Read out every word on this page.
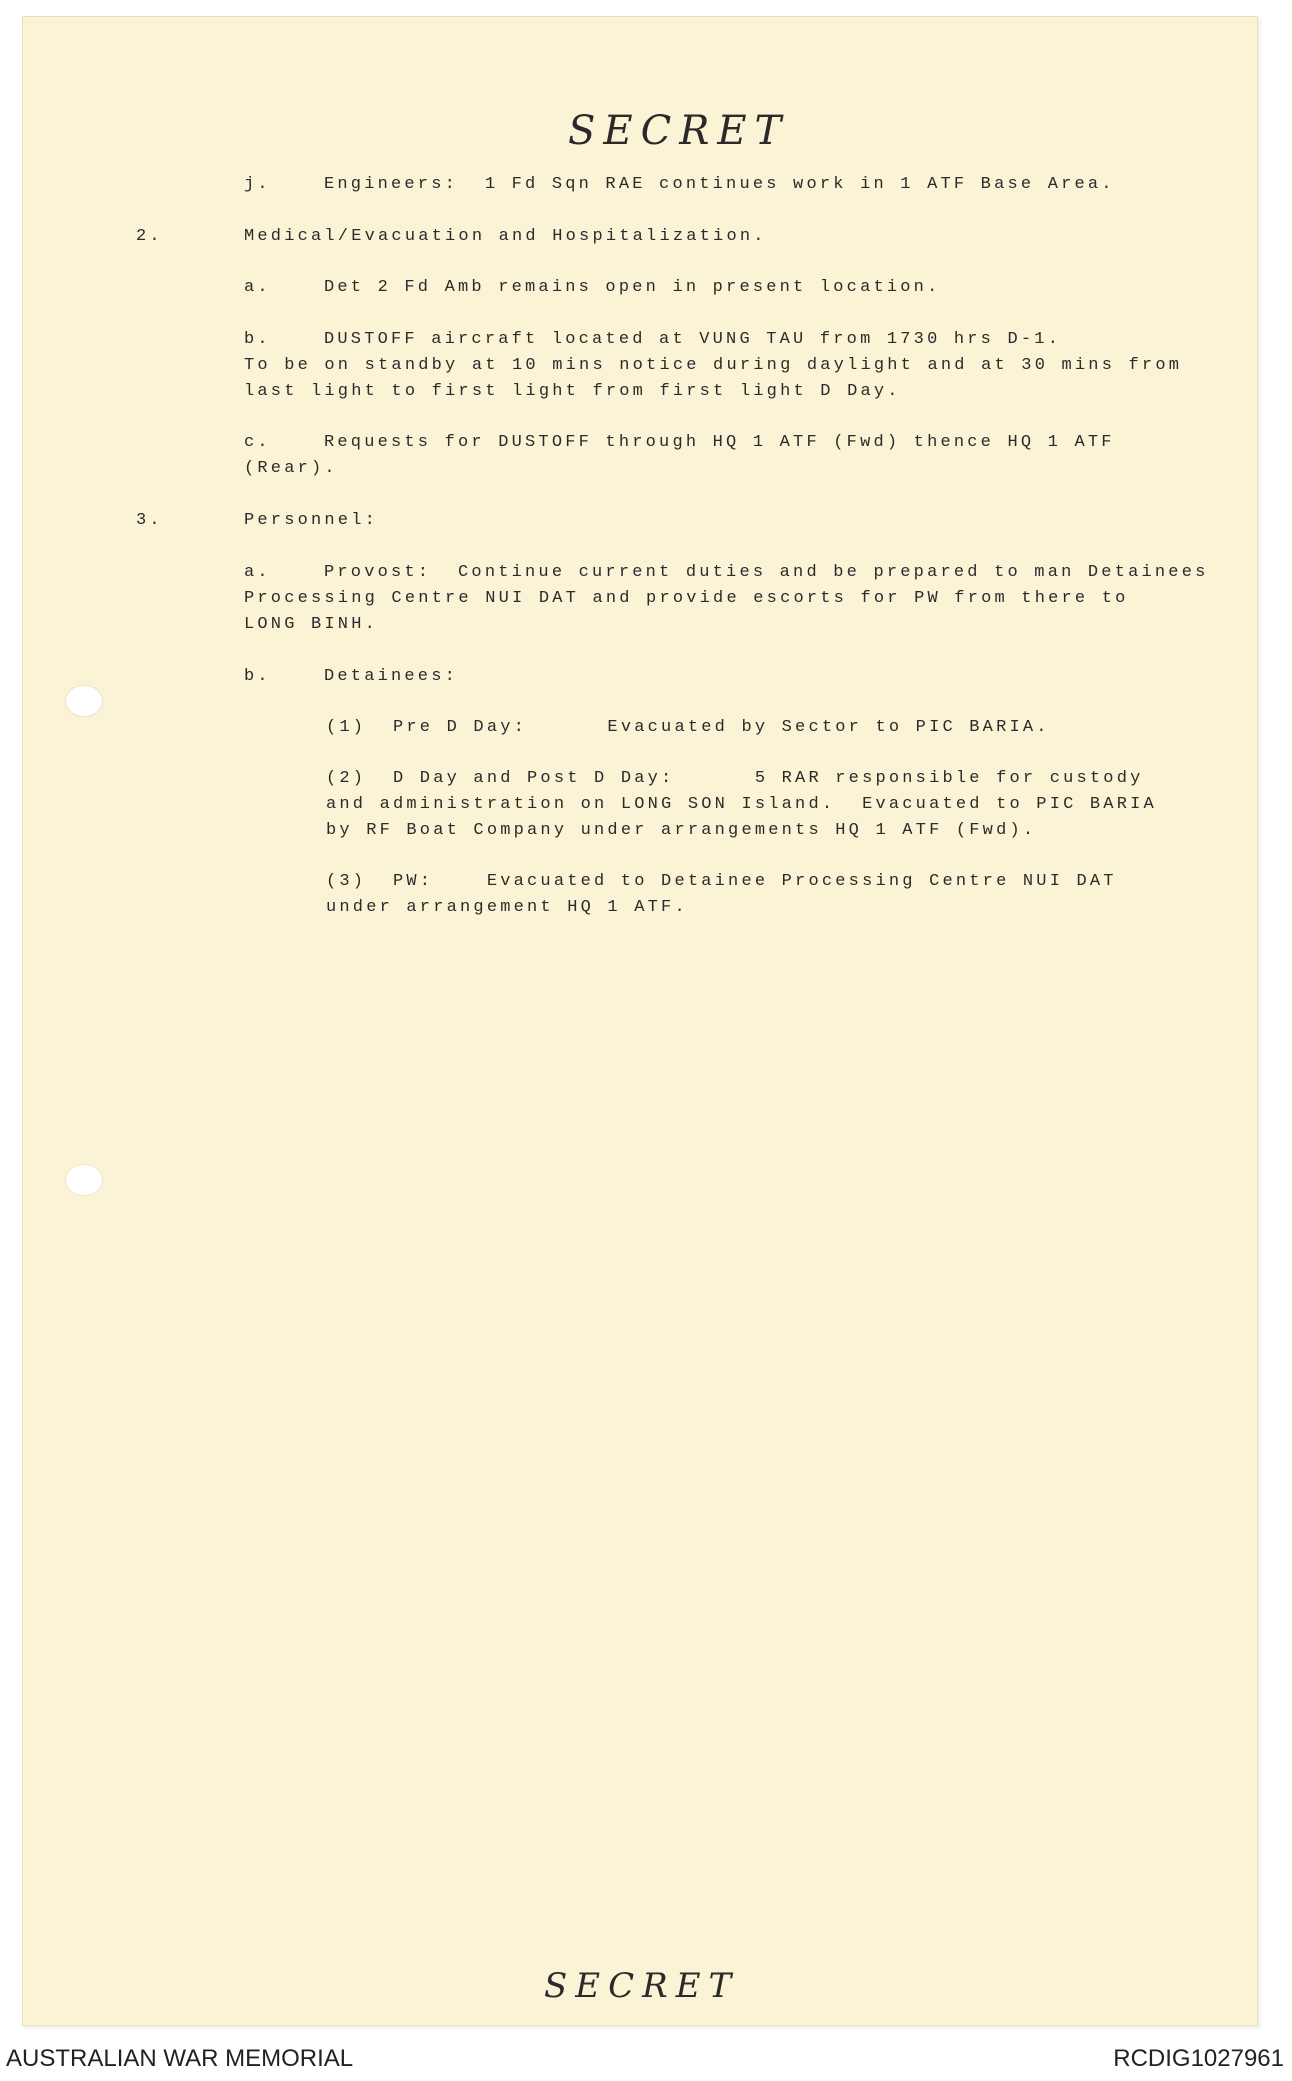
SECRET
j.	Engineers:  1 Fd Sqn RAE continues work in 1 ATF Base Area.
2.	Medical/Evacuation and Hospitalization.
a.	Det 2 Fd Amb remains open in present location.
b.	DUSTOFF aircraft located at VUNG TAU from 1730 hrs D-1.
To be on standby at 10 mins notice during daylight and at 30 mins from
last light to first light from first light D Day.
c.	Requests for DUSTOFF through HQ 1 ATF (Fwd) thence HQ 1 ATF
(Rear).
3.	Personnel:
a.	Provost:  Continue current duties and be prepared to man Detainees
Processing Centre NUI DAT and provide escorts for PW from there to
LONG BINH.
b.	Detainees:
(1)  Pre D Day:      Evacuated by Sector to PIC BARIA.
(2)  D Day and Post D Day:      5 RAR responsible for custody
and administration on LONG SON Island.  Evacuated to PIC BARIA
by RF Boat Company under arrangements HQ 1 ATF (Fwd).
(3)  PW:    Evacuated to Detainee Processing Centre NUI DAT
under arrangement HQ 1 ATF.
SECRET
AUSTRALIAN WAR MEMORIAL	RCDIG1027961
